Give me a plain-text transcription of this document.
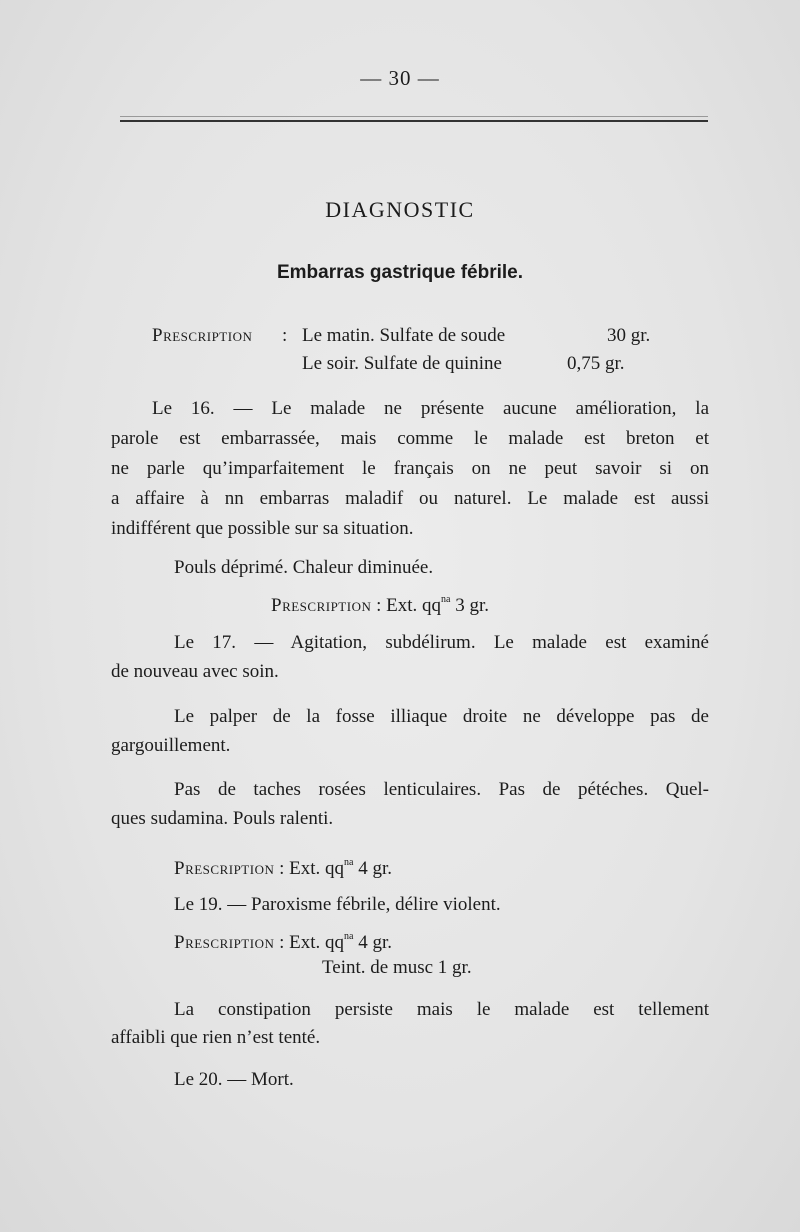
— 30 —
DIAGNOSTIC
Embarras gastrique fébrile.
Prescription : Le matin. Sulfate de soude	30 gr.
Le soir. Sulfate de quinine	0,75 gr.
Le 16. — Le malade ne présente aucune amélioration, la
parole est embarrassée, mais comme le malade est breton et
ne parle qu’imparfaitement le français on ne peut savoir si on
a affaire à nn embarras maladif ou naturel. Le malade est aussi
indifférent que possible sur sa situation.
Pouls déprimé. Chaleur diminuée.
Prescription : Ext. $qq^{na}$ 3 gr.
Le 17. — Agitation, subdélirum. Le malade est examiné
de nouveau avec soin.
Le palper de la fosse illiaque droite ne développe pas de
gargouillement.
Pas de taches rosées lenticulaires. Pas de pétéches. Quel-
ques sudamina. Pouls ralenti.
Prescription : Ext. $qq^{na}$ 4 gr.
Le 19. — Paroxisme fébrile, délire violent.
Prescription : Ext. $qq^{na}$ 4 gr.
Teint. de musc 1 gr.
La constipation persiste mais le malade est tellement
affaibli que rien n’est tenté.
Le 20. — Mort.
